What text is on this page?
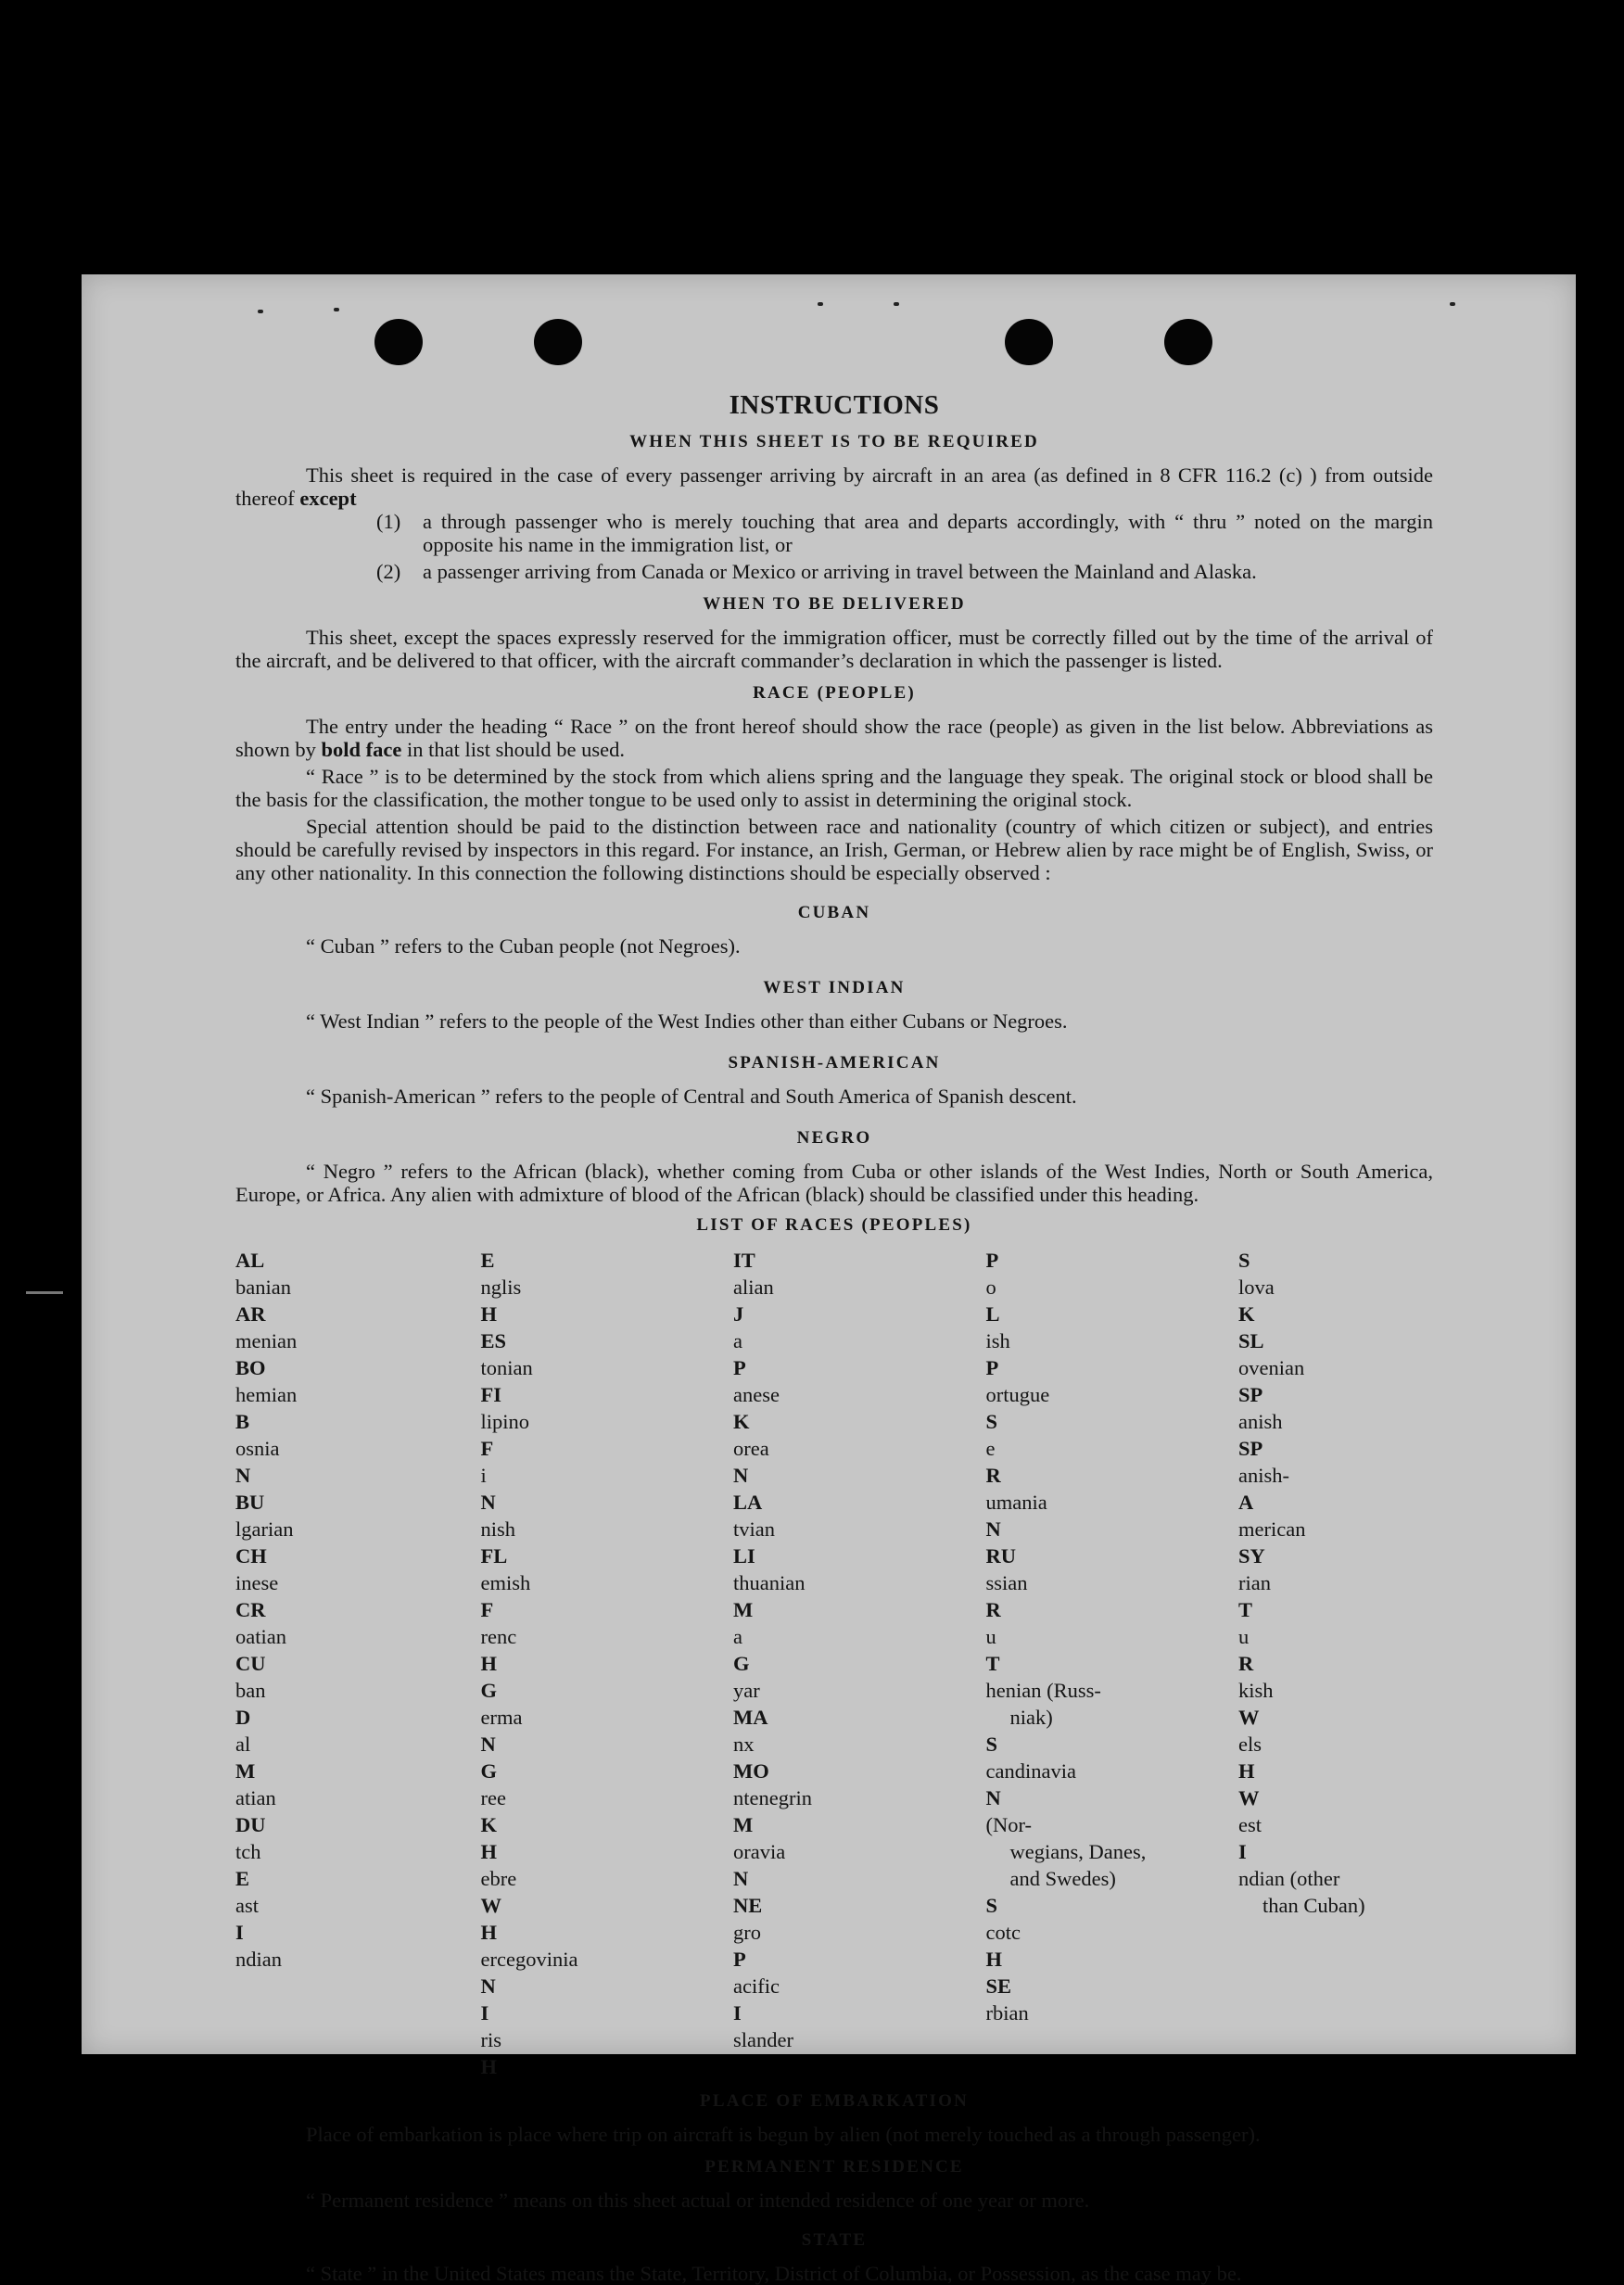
INSTRUCTIONS
WHEN THIS SHEET IS TO BE REQUIRED

This sheet is required in the case of every passenger arriving by aircraft in an area (as defined in 8 CFR 116.2 (c) ) from outside thereof except

(1)	a through passenger who is merely touching that area and departs accordingly, with “ thru ” noted on the margin opposite his name in the immigration list, or
(2)	a passenger arriving from Canada or Mexico or arriving in travel between the Mainland and Alaska.
WHEN TO BE DELIVERED

This sheet, except the spaces expressly reserved for the immigration officer, must be correctly filled out by the time of the arrival of the aircraft, and be delivered to that officer, with the aircraft commander’s declaration in which the passenger is listed.

RACE (PEOPLE)

The entry under the heading “ Race ” on the front hereof should show the race (people) as given in the list below. Abbreviations as shown by bold face in that list should be used.

“ Race ” is to be determined by the stock from which aliens spring and the language they speak. The original stock or blood shall be the basis for the classification, the mother tongue to be used only to assist in determining the original stock.

Special attention should be paid to the distinction between race and nationality (country of which citizen or subject), and entries should be carefully revised by inspectors in this regard. For instance, an Irish, German, or Hebrew alien by race might be of English, Swiss, or any other nationality. In this connection the following distinctions should be especially observed :

CUBAN

“ Cuban ” refers to the Cuban people (not Negroes).

WEST INDIAN

“ West Indian ” refers to the people of the West Indies other than either Cubans or Negroes.

SPANISH-AMERICAN

“ Spanish-American ” refers to the people of Central and South America of Spanish descent.

NEGRO

“ Negro ” refers to the African (black), whether coming from Cuba or other islands of the West Indies, North or South America, Europe, or Africa. Any alien with admixture of blood of the African (black) should be classified under this heading.

LIST OF RACES (PEOPLES)
AL
banian
AR
menian
BO
hemian
B
osnia
N
BU
lgarian
CH
inese
CR
oatian
CU
ban
D
al
M
atian
DU
tch
E
ast
I
ndian
E
nglis
H
ES
tonian
FI
lipino
F
i
N
nish
FL
emish
F
renc
H
G
erma
N
G
ree
K
H
ebre
W
H
ercegovinia
N
I
ris
H
IT
alian
J
a
P
anese
K
orea
N
LA
tvian
LI
thuanian
M
a
G
yar
MA
nx
MO
ntenegrin
M
oravia
N
NE
gro
P
acific
I
slander
P
o
L
ish
P
ortugue
S
e
R
umania
N
RU
ssian
R
u
T
henian (Russ-
niak)
S
candinavia
N
(Nor-
wegians, Danes,
and Swedes)
S
cotc
H
SE
rbian
S
lova
K
SL
ovenian
SP
anish
SP
anish-
A
merican
SY
rian
T
u
R
kish
W
els
H
W
est
I
ndian (other
than Cuban)
PLACE OF EMBARKATION

Place of embarkation is place where trip on aircraft is begun by alien (not merely touched as a through passenger).

PERMANENT RESIDENCE

“ Permanent residence ” means on this sheet actual or intended residence of one year or more.

STATE

“ State ” in the United States means the State, Territory, District of Columbia, or Possession, as the case may be.
